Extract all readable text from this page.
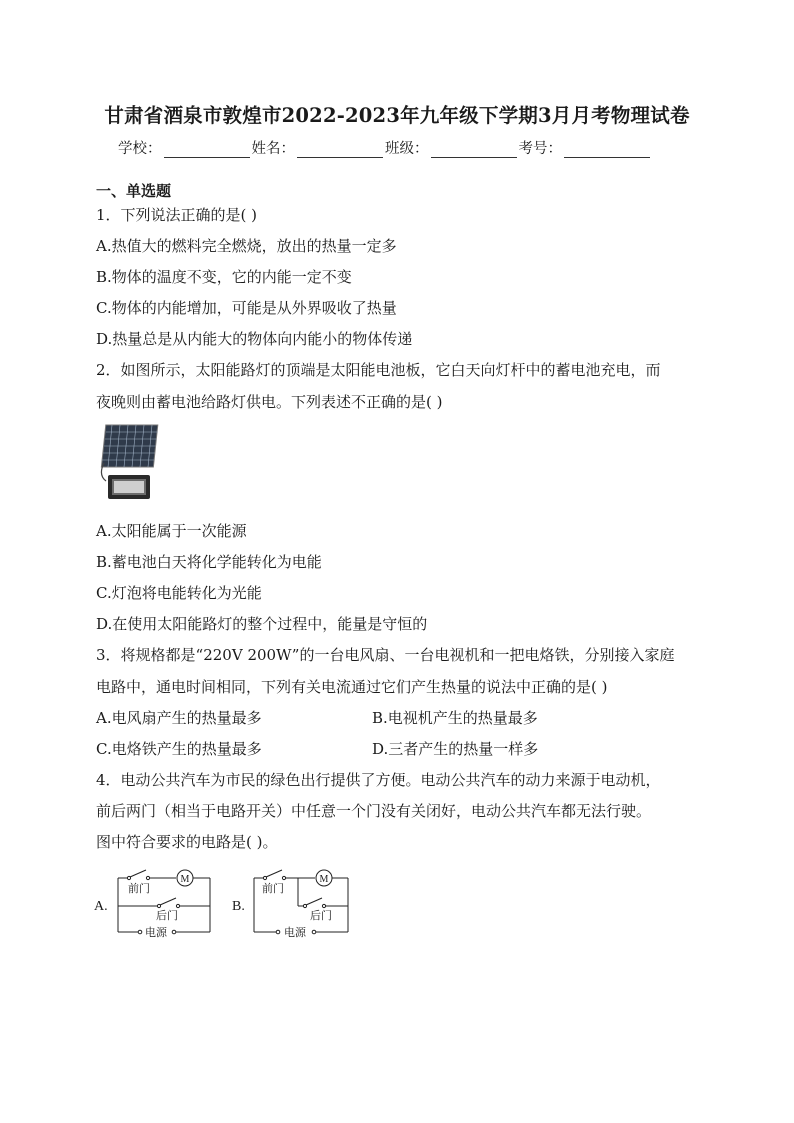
甘肃省酒泉市敦煌市2022-2023年九年级下学期3月月考物理试卷
学校：	姓名：	班级：	考号：
一、单选题
1．下列说法正确的是( )
A.热值大的燃料完全燃烧，放出的热量一定多
B.物体的温度不变，它的内能一定不变
C.物体的内能增加，可能是从外界吸收了热量
D.热量总是从内能大的物体向内能小的物体传递
2．如图所示，太阳能路灯的顶端是太阳能电池板，它白天向灯杆中的蓄电池充电，而
夜晚则由蓄电池给路灯供电。下列表述不正确的是( )
A.太阳能属于一次能源
B.蓄电池白天将化学能转化为电能
C.灯泡将电能转化为光能
D.在使用太阳能路灯的整个过程中，能量是守恒的
3．将规格都是“220V 200W”的一台电风扇、一台电视机和一把电烙铁，分别接入家庭
电路中，通电时间相同，下列有关电流通过它们产生热量的说法中正确的是( )
A.电风扇产生的热量最多	B.电视机产生的热量最多
C.电烙铁产生的热量最多	D.三者产生的热量一样多
4．电动公共汽车为市民的绿色出行提供了方便。电动公共汽车的动力来源于电动机，
前后两门（相当于电路开关）中任意一个门没有关闭好，电动公共汽车都无法行驶。
图中符合要求的电路是( )。
A.
M
前门
后门
电源
B.
M
前门
后门
电源
